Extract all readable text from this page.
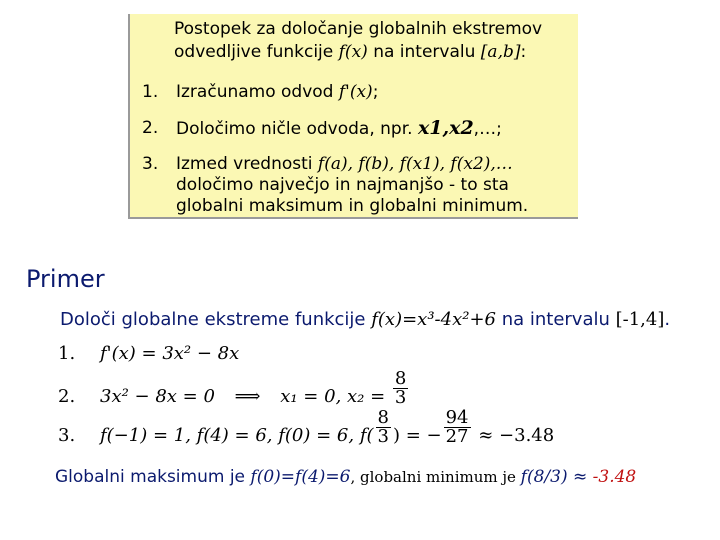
Postopek za določanje globalnih ekstremov
odvedljive funkcije f(x) na intervalu [a,b]:
1.	Izračunamo odvod f'(x);
2.	Določimo ničle odvoda, npr. x1,x2,…;
3.	Izmed vrednosti f(a), f(b), f(x1), f(x2),…
določimo največjo in najmanjšo - to sta
globalni maksimum in globalni minimum.
Primer
Določi globalne ekstreme funkcije f(x)=x³-4x²+6 na intervalu [-1,4].
1. f'(x) = 3x² − 8x
2. 3x² − 8x = 0 ⟹ x₁ = 0, $x_2 = \frac{8}{3}$
3. f(−1) = 1, f(4) = 6, f(0) = 6, $f( \frac{8}{3}$ ) = − $\frac{94}{27} \approx -3.48$
Globalni maksimum je f(0)=f(4)=6, globalni minimum je f(8/3) ≈ -3.48
